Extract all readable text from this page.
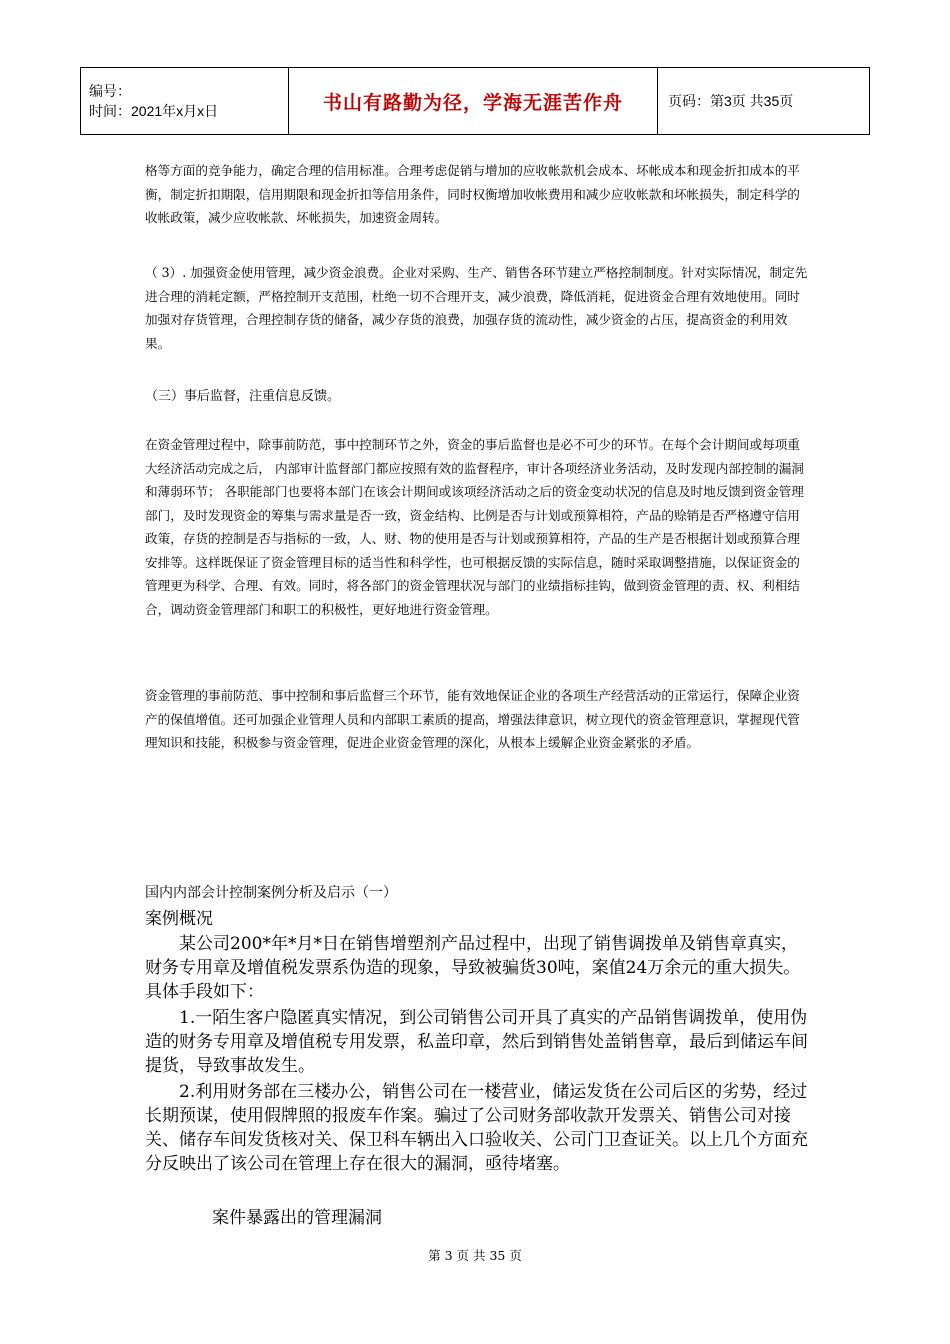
编号：
时间：2021年x月x日	书山有路勤为径，学海无涯苦作舟	页码：第3页 共35页

格等方面的竞争能力，确定合理的信用标准。合理考虑促销与增加的应收帐款机会成本、坏帐成本和现金折扣成本的平衡，制定折扣期限，信用期限和现金折扣等信用条件，同时权衡增加收帐费用和减少应收帐款和坏帐损失，制定科学的收帐政策，减少应收帐款、坏帐损失，加速资金周转。

（ 3）. 加强资金使用管理，减少资金浪费。企业对采购、生产、销售各环节建立严格控制制度。针对实际情况，制定先进合理的消耗定额，严格控制开支范围，杜绝一切不合理开支，减少浪费，降低消耗，促进资金合理有效地使用。同时加强对存货管理，合理控制存货的储备，减少存货的浪费，加强存货的流动性，减少资金的占压，提高资金的利用效果。

（三）事后监督，注重信息反馈。

在资金管理过程中，除事前防范，事中控制环节之外，资金的事后监督也是必不可少的环节。在每个会计期间或每项重大经济活动完成之后， 内部审计监督部门都应按照有效的监督程序，审计各项经济业务活动，及时发现内部控制的漏洞和薄弱环节； 各职能部门也要将本部门在该会计期间或该项经济活动之后的资金变动状况的信息及时地反馈到资金管理部门，及时发现资金的筹集与需求量是否一致，资金结构、比例是否与计划或预算相符，产品的赊销是否严格遵守信用政策，存货的控制是否与指标的一致，人、财、物的使用是否与计划或预算相符，产品的生产是否根据计划或预算合理安排等。这样既保证了资金管理目标的适当性和科学性，也可根据反馈的实际信息，随时采取调整措施，以保证资金的管理更为科学、合理、有效。同时，将各部门的资金管理状况与部门的业绩指标挂钩，做到资金管理的责、权、利相结合，调动资金管理部门和职工的积极性，更好地进行资金管理。

资金管理的事前防范、事中控制和事后监督三个环节，能有效地保证企业的各项生产经营活动的正常运行，保障企业资产的保值增值。还可加强企业管理人员和内部职工素质的提高，增强法律意识，树立现代的资金管理意识，掌握现代管理知识和技能，积极参与资金管理，促进企业资金管理的深化，从根本上缓解企业资金紧张的矛盾。

国内内部会计控制案例分析及启示（一）

案例概况

某公司200*年*月*日在销售增塑剂产品过程中，出现了销售调拨单及销售章真实，财务专用章及增值税发票系伪造的现象，导致被骗货30吨，案值24万余元的重大损失。具体手段如下：

1.一陌生客户隐匿真实情况，到公司销售公司开具了真实的产品销售调拨单，使用伪造的财务专用章及增值税专用发票，私盖印章，然后到销售处盖销售章，最后到储运车间提货，导致事故发生。

2.利用财务部在三楼办公，销售公司在一楼营业，储运发货在公司后区的劣势，经过长期预谋，使用假牌照的报废车作案。骗过了公司财务部收款开发票关、销售公司对接关、储存车间发货核对关、保卫科车辆出入口验收关、公司门卫查证关。以上几个方面充分反映出了该公司在管理上存在很大的漏洞，亟待堵塞。

案件暴露出的管理漏洞

第 3 页 共 35 页
